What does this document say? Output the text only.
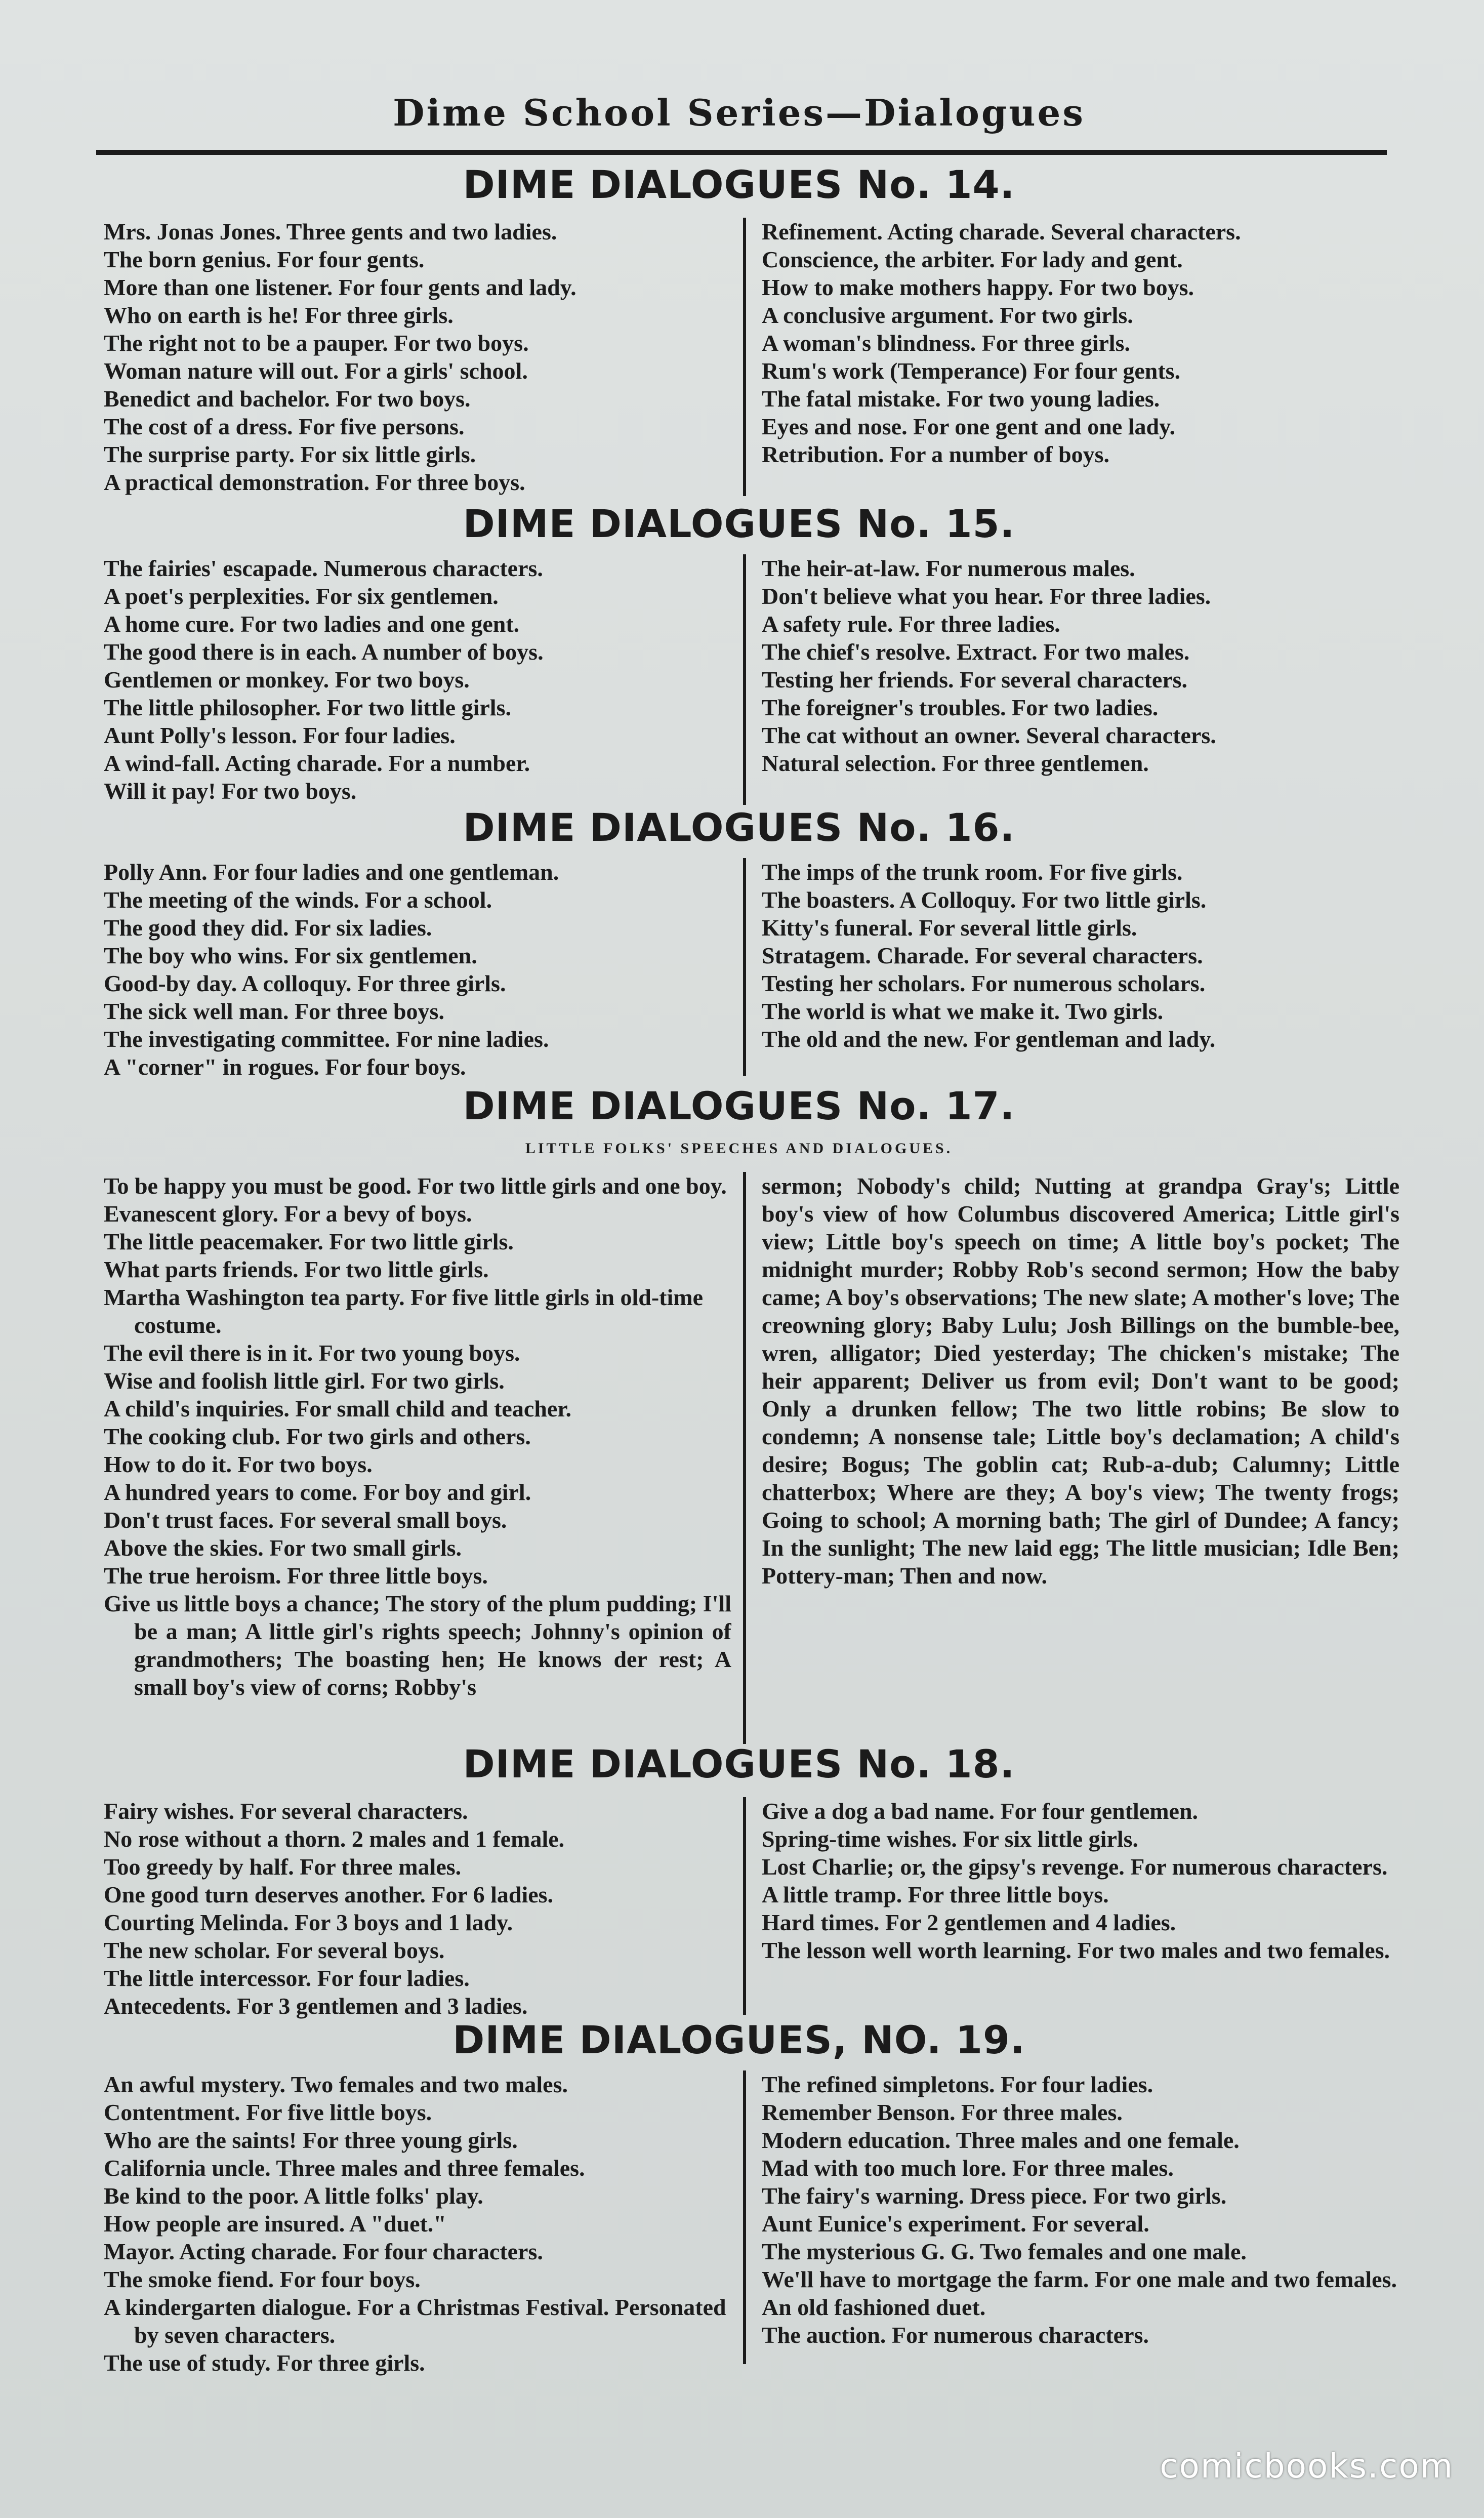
Dime School Series—Dialogues
DIME DIALOGUES No. 14.
Mrs. Jonas Jones. Three gents and two ladies.
The born genius. For four gents.
More than one listener. For four gents and lady.
Who on earth is he! For three girls.
The right not to be a pauper. For two boys.
Woman nature will out. For a girls' school.
Benedict and bachelor. For two boys.
The cost of a dress. For five persons.
The surprise party. For six little girls.
A practical demonstration. For three boys.
Refinement. Acting charade. Several characters.
Conscience, the arbiter. For lady and gent.
How to make mothers happy. For two boys.
A conclusive argument. For two girls.
A woman's blindness. For three girls.
Rum's work (Temperance) For four gents.
The fatal mistake. For two young ladies.
Eyes and nose. For one gent and one lady.
Retribution. For a number of boys.
DIME DIALOGUES No. 15.
The fairies' escapade. Numerous characters.
A poet's perplexities. For six gentlemen.
A home cure. For two ladies and one gent.
The good there is in each. A number of boys.
Gentlemen or monkey. For two boys.
The little philosopher. For two little girls.
Aunt Polly's lesson. For four ladies.
A wind-fall. Acting charade. For a number.
Will it pay! For two boys.
The heir-at-law. For numerous males.
Don't believe what you hear. For three ladies.
A safety rule. For three ladies.
The chief's resolve. Extract. For two males.
Testing her friends. For several characters.
The foreigner's troubles. For two ladies.
The cat without an owner. Several characters.
Natural selection. For three gentlemen.
DIME DIALOGUES No. 16.
Polly Ann. For four ladies and one gentleman.
The meeting of the winds. For a school.
The good they did. For six ladies.
The boy who wins. For six gentlemen.
Good-by day. A colloquy. For three girls.
The sick well man. For three boys.
The investigating committee. For nine ladies.
A "corner" in rogues. For four boys.
The imps of the trunk room. For five girls.
The boasters. A Colloquy. For two little girls.
Kitty's funeral. For several little girls.
Stratagem. Charade. For several characters.
Testing her scholars. For numerous scholars.
The world is what we make it. Two girls.
The old and the new. For gentleman and lady.
DIME DIALOGUES No. 17.
LITTLE FOLKS' SPEECHES AND DIALOGUES.
To be happy you must be good. For two little girls and one boy.
Evanescent glory. For a bevy of boys.
The little peacemaker. For two little girls.
What parts friends. For two little girls.
Martha Washington tea party. For five little girls in old-time costume.
The evil there is in it. For two young boys.
Wise and foolish little girl. For two girls.
A child's inquiries. For small child and teacher.
The cooking club. For two girls and others.
How to do it. For two boys.
A hundred years to come. For boy and girl.
Don't trust faces. For several small boys.
Above the skies. For two small girls.
The true heroism. For three little boys.
Give us little boys a chance; The story of the plum pudding; I'll be a man; A little girl's rights speech; Johnny's opinion of grandmothers; The boasting hen; He knows der rest; A small boy's view of corns; Robby's
sermon; Nobody's child; Nutting at grandpa Gray's; Little boy's view of how Columbus discovered America; Little girl's view; Little boy's speech on time; A little boy's pocket; The midnight murder; Robby Rob's second sermon; How the baby came; A boy's observations; The new slate; A mother's love; The creowning glory; Baby Lulu; Josh Billings on the bumble-bee, wren, alligator; Died yesterday; The chicken's mistake; The heir apparent; Deliver us from evil; Don't want to be good; Only a drunken fellow; The two little robins; Be slow to condemn; A nonsense tale; Little boy's declamation; A child's desire; Bogus; The goblin cat; Rub-a-dub; Calumny; Little chatterbox; Where are they; A boy's view; The twenty frogs; Going to school; A morning bath; The girl of Dundee; A fancy; In the sunlight; The new laid egg; The little musician; Idle Ben; Pottery-man; Then and now.
DIME DIALOGUES No. 18.
Fairy wishes. For several characters.
No rose without a thorn. 2 males and 1 female.
Too greedy by half. For three males.
One good turn deserves another. For 6 ladies.
Courting Melinda. For 3 boys and 1 lady.
The new scholar. For several boys.
The little intercessor. For four ladies.
Antecedents. For 3 gentlemen and 3 ladies.
Give a dog a bad name. For four gentlemen.
Spring-time wishes. For six little girls.
Lost Charlie; or, the gipsy's revenge. For numerous characters.
A little tramp. For three little boys.
Hard times. For 2 gentlemen and 4 ladies.
The lesson well worth learning. For two males and two females.
DIME DIALOGUES, NO. 19.
An awful mystery. Two females and two males.
Contentment. For five little boys.
Who are the saints! For three young girls.
California uncle. Three males and three females.
Be kind to the poor. A little folks' play.
How people are insured. A "duet."
Mayor. Acting charade. For four characters.
The smoke fiend. For four boys.
A kindergarten dialogue. For a Christmas Festival. Personated by seven characters.
The use of study. For three girls.
The refined simpletons. For four ladies.
Remember Benson. For three males.
Modern education. Three males and one female.
Mad with too much lore. For three males.
The fairy's warning. Dress piece. For two girls.
Aunt Eunice's experiment. For several.
The mysterious G. G. Two females and one male.
We'll have to mortgage the farm. For one male and two females.
An old fashioned duet.
The auction. For numerous characters.
comicbooks.com
